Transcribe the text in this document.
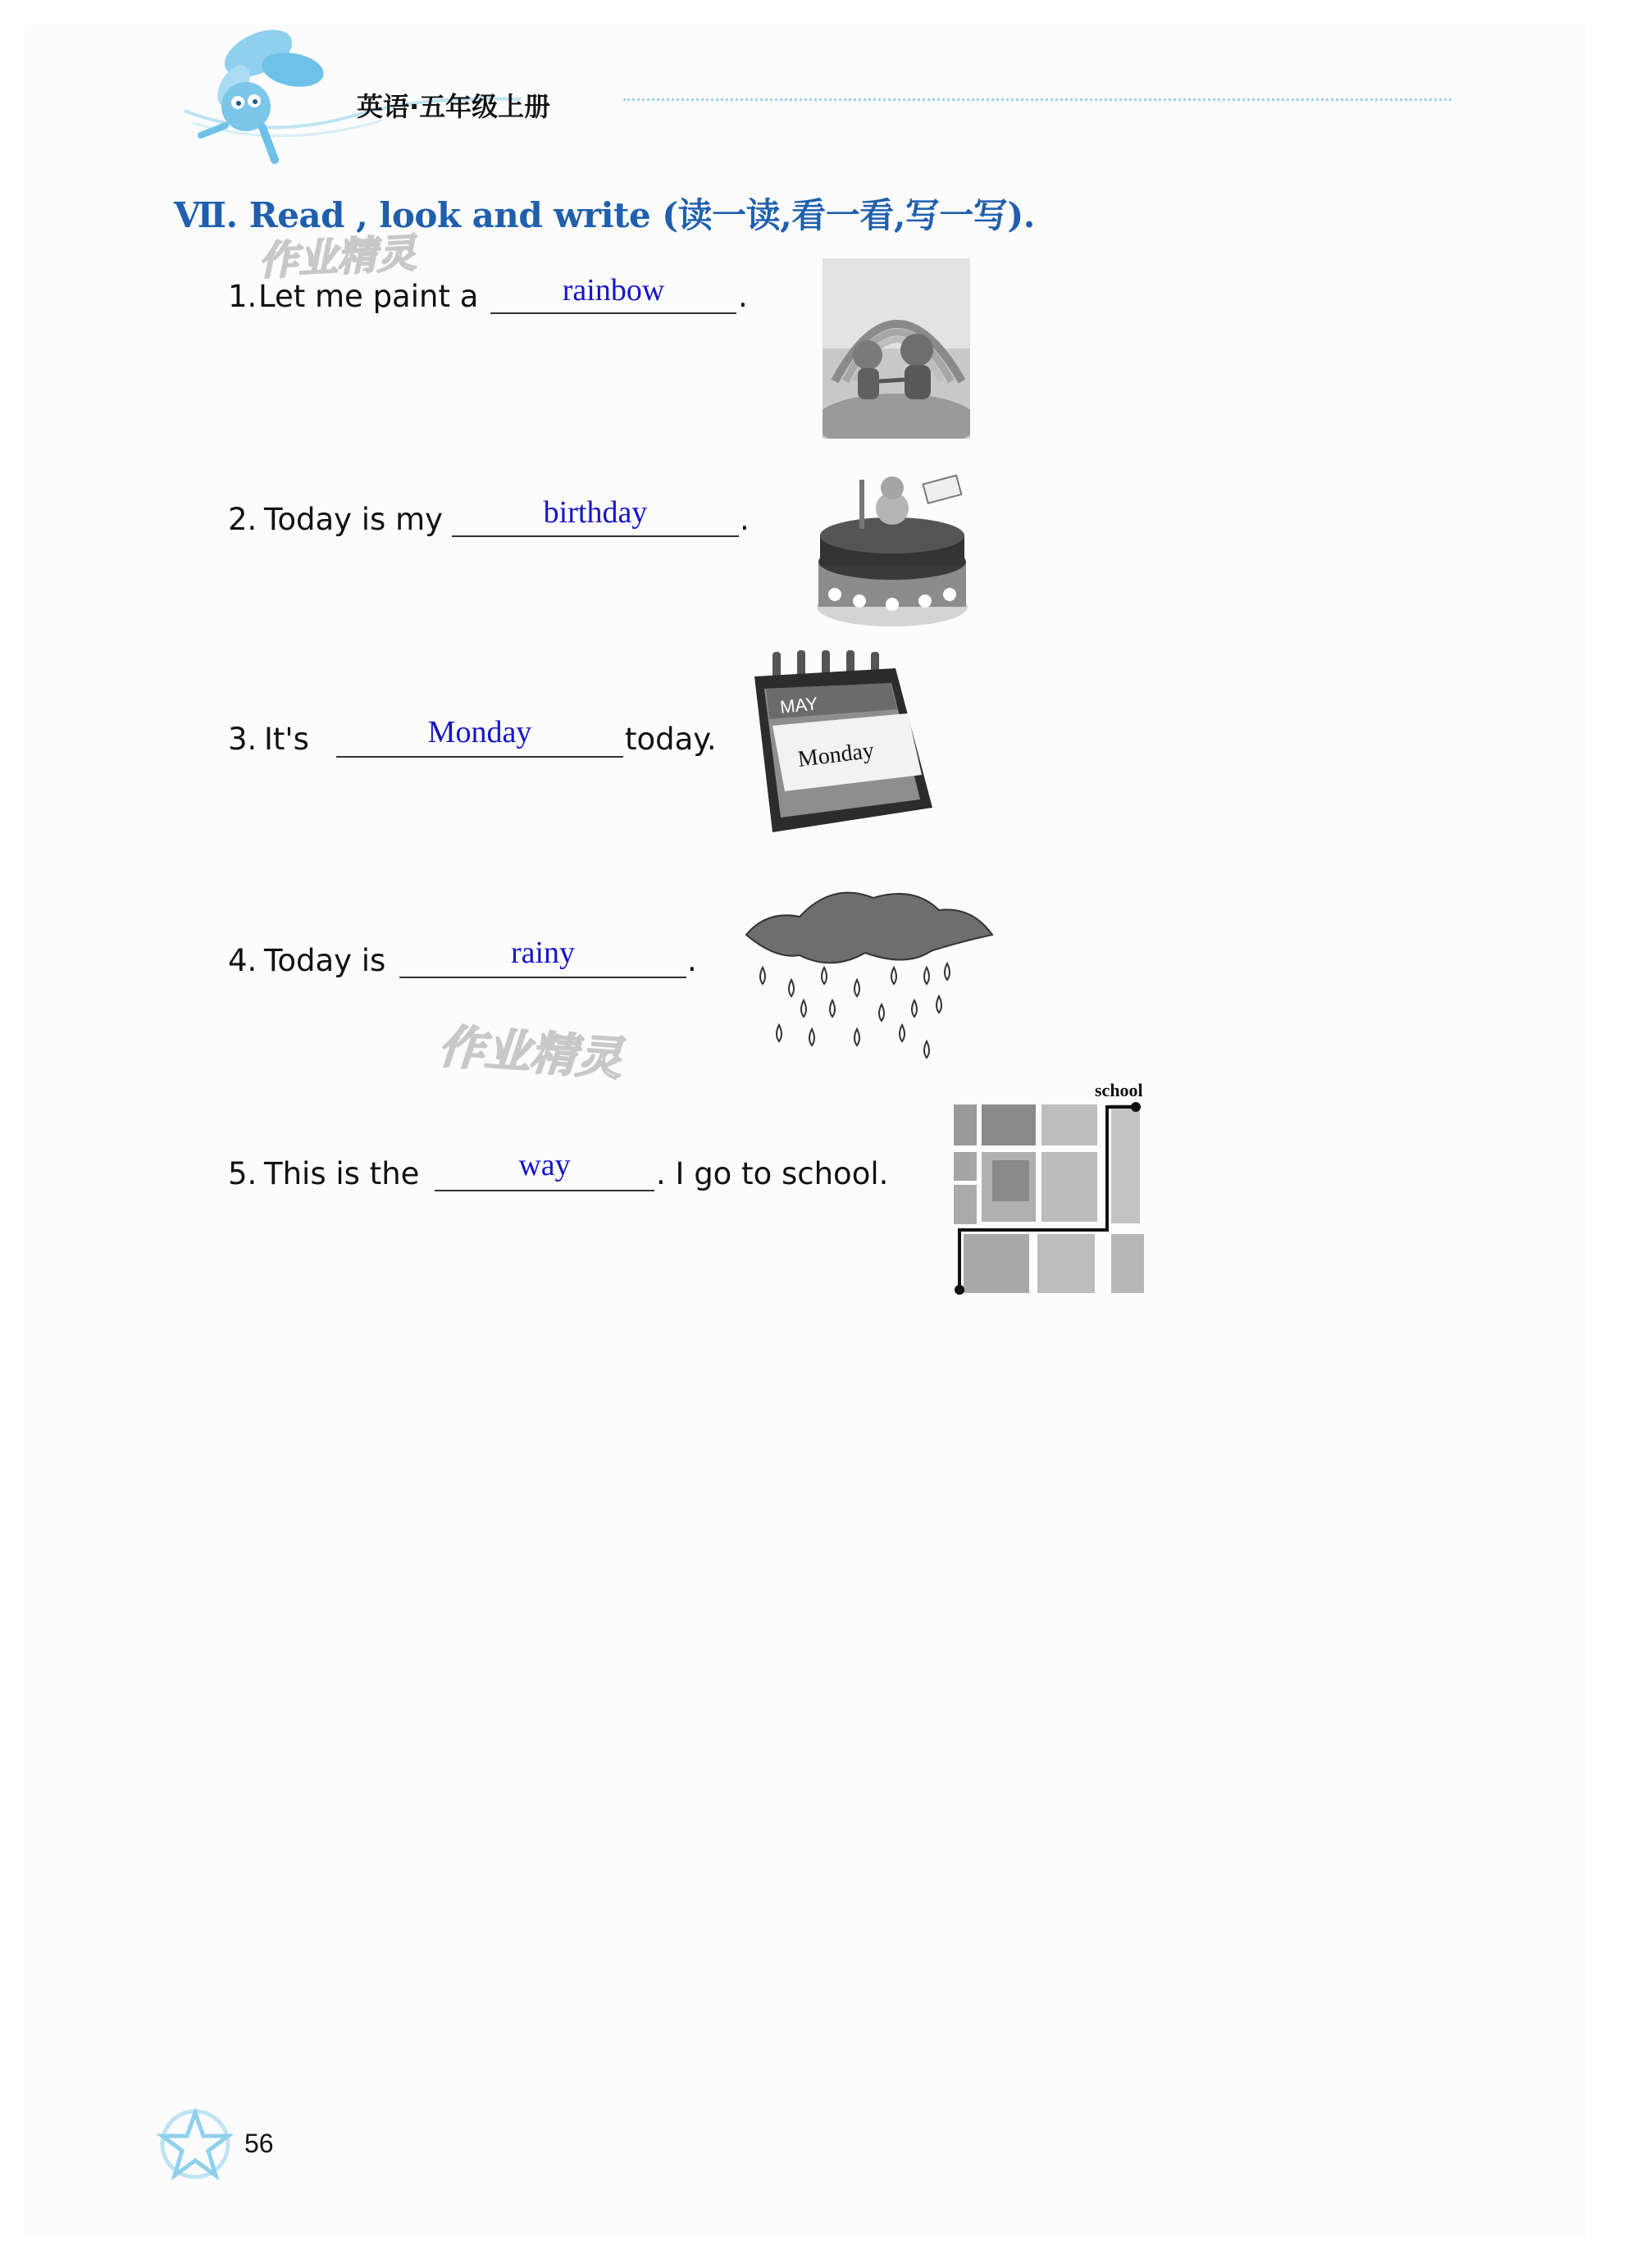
英语·五年级上册
Ⅶ. Read , look and write (读一读,看一看,写一写).
作业精灵
作业精灵
1. Let me paint a	rainbow	.
2. Today is my	birthday	.
3. It's	Monday	today.
4. Today is	rainy	.
5. This is the	way	. I go to school.
MAY
Monday
school
56
